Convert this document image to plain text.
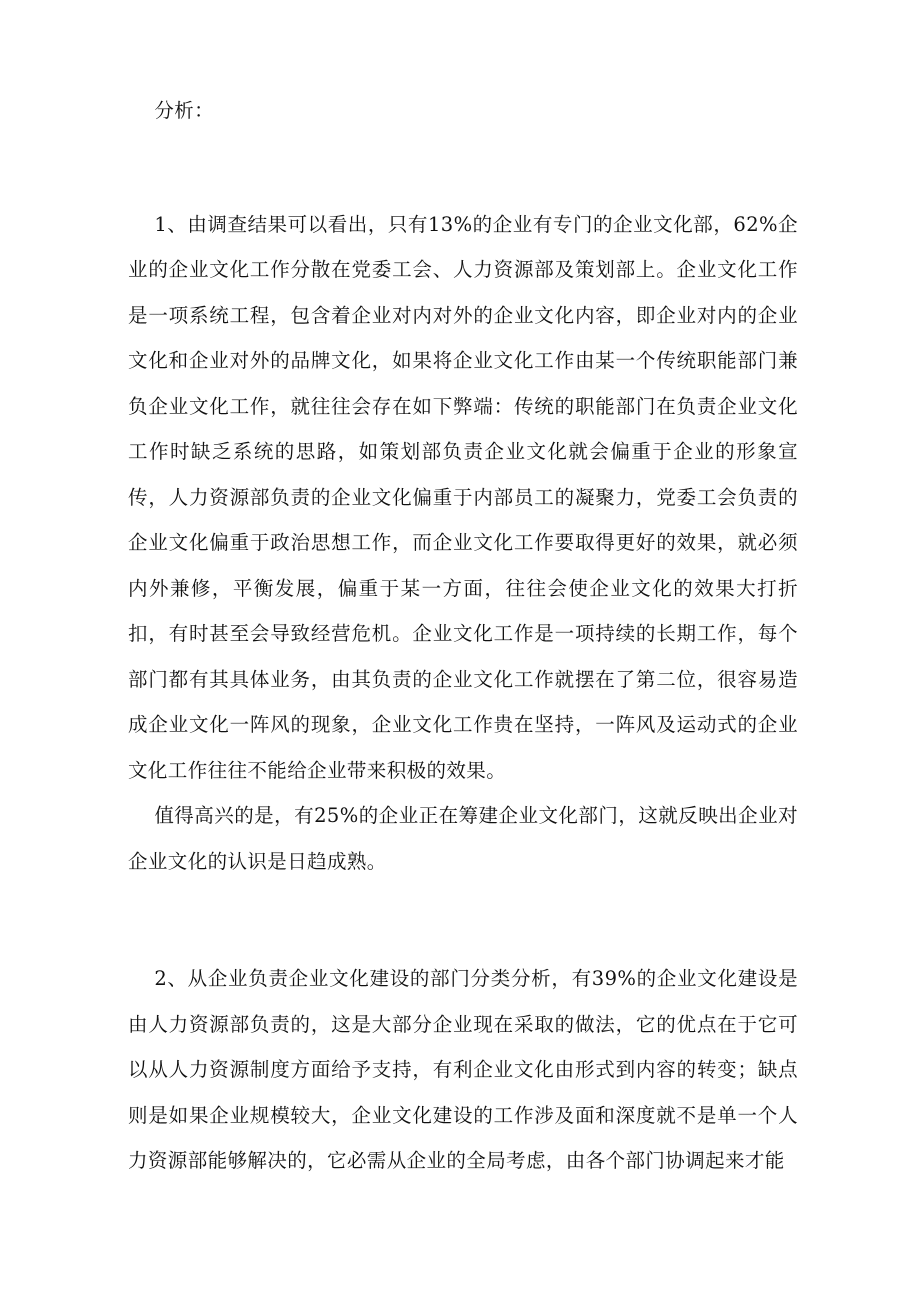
分析：

1、由调查结果可以看出，只有13%的企业有专门的企业文化部，62%企业的企业文化工作分散在党委工会、人力资源部及策划部上。企业文化工作是一项系统工程，包含着企业对内对外的企业文化内容，即企业对内的企业文化和企业对外的品牌文化，如果将企业文化工作由某一个传统职能部门兼负企业文化工作，就往往会存在如下弊端：传统的职能部门在负责企业文化工作时缺乏系统的思路，如策划部负责企业文化就会偏重于企业的形象宣传，人力资源部负责的企业文化偏重于内部员工的凝聚力，党委工会负责的企业文化偏重于政治思想工作，而企业文化工作要取得更好的效果，就必须内外兼修，平衡发展，偏重于某一方面，往往会使企业文化的效果大打折扣，有时甚至会导致经营危机。企业文化工作是一项持续的长期工作，每个部门都有其具体业务，由其负责的企业文化工作就摆在了第二位，很容易造成企业文化一阵风的现象，企业文化工作贵在坚持，一阵风及运动式的企业文化工作往往不能给企业带来积极的效果。

值得高兴的是，有25%的企业正在筹建企业文化部门，这就反映出企业对企业文化的认识是日趋成熟。

2、从企业负责企业文化建设的部门分类分析，有39%的企业文化建设是由人力资源部负责的，这是大部分企业现在采取的做法，它的优点在于它可以从人力资源制度方面给予支持，有利企业文化由形式到内容的转变；缺点则是如果企业规模较大，企业文化建设的工作涉及面和深度就不是单一个人力资源部能够解决的，它必需从企业的全局考虑，由各个部门协调起来才能
